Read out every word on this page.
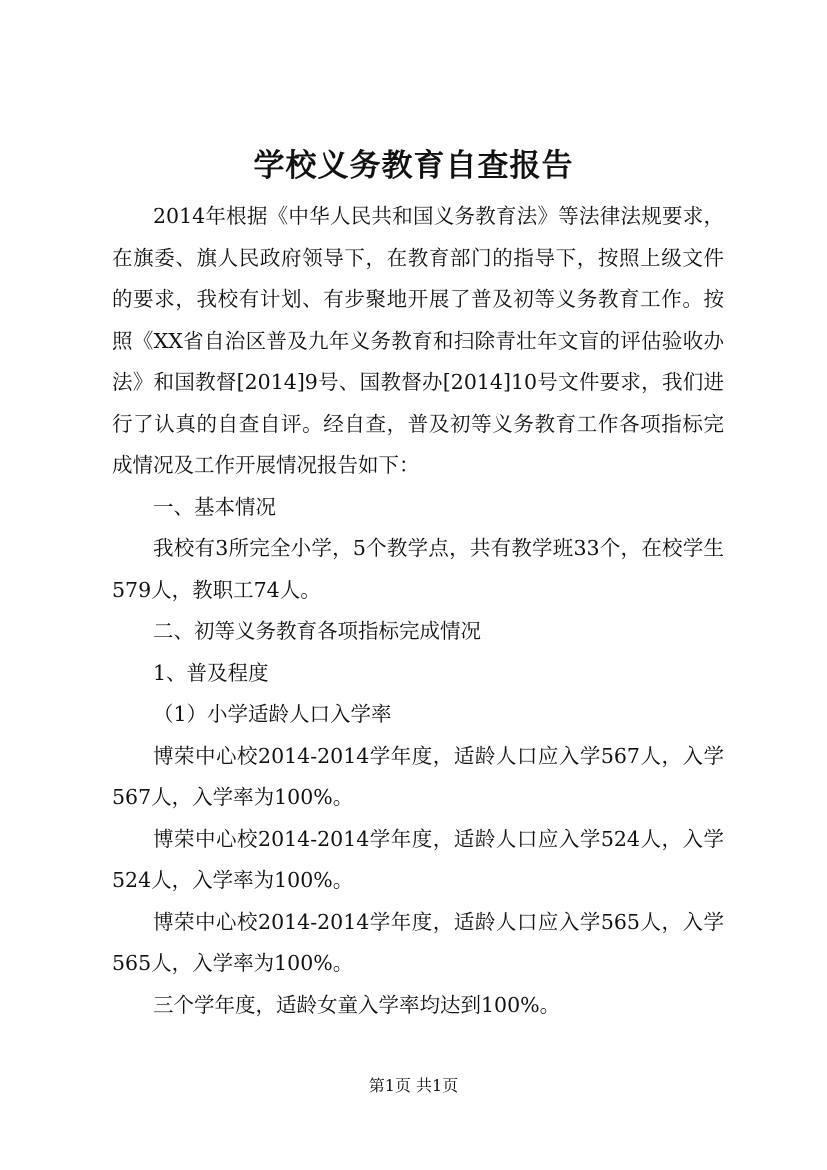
学校义务教育自查报告

2014年根据《中华人民共和国义务教育法》等法律法规要求，在旗委、旗人民政府领导下，在教育部门的指导下，按照上级文件的要求，我校有计划、有步聚地开展了普及初等义务教育工作。按照《XX省自治区普及九年义务教育和扫除青壮年文盲的评估验收办法》和国教督[2014]9号、国教督办[2014]10号文件要求，我们进行了认真的自查自评。经自查，普及初等义务教育工作各项指标完成情况及工作开展情况报告如下：

一、基本情况

我校有3所完全小学，5个教学点，共有教学班33个，在校学生579人，教职工74人。

二、初等义务教育各项指标完成情况

1、普及程度

（1）小学适龄人口入学率

博荣中心校2014-2014学年度，适龄人口应入学567人，入学567人，入学率为100%。

博荣中心校2014-2014学年度，适龄人口应入学524人，入学524人，入学率为100%。

博荣中心校2014-2014学年度，适龄人口应入学565人，入学565人，入学率为100%。

三个学年度，适龄女童入学率均达到100%。

第1页 共1页
